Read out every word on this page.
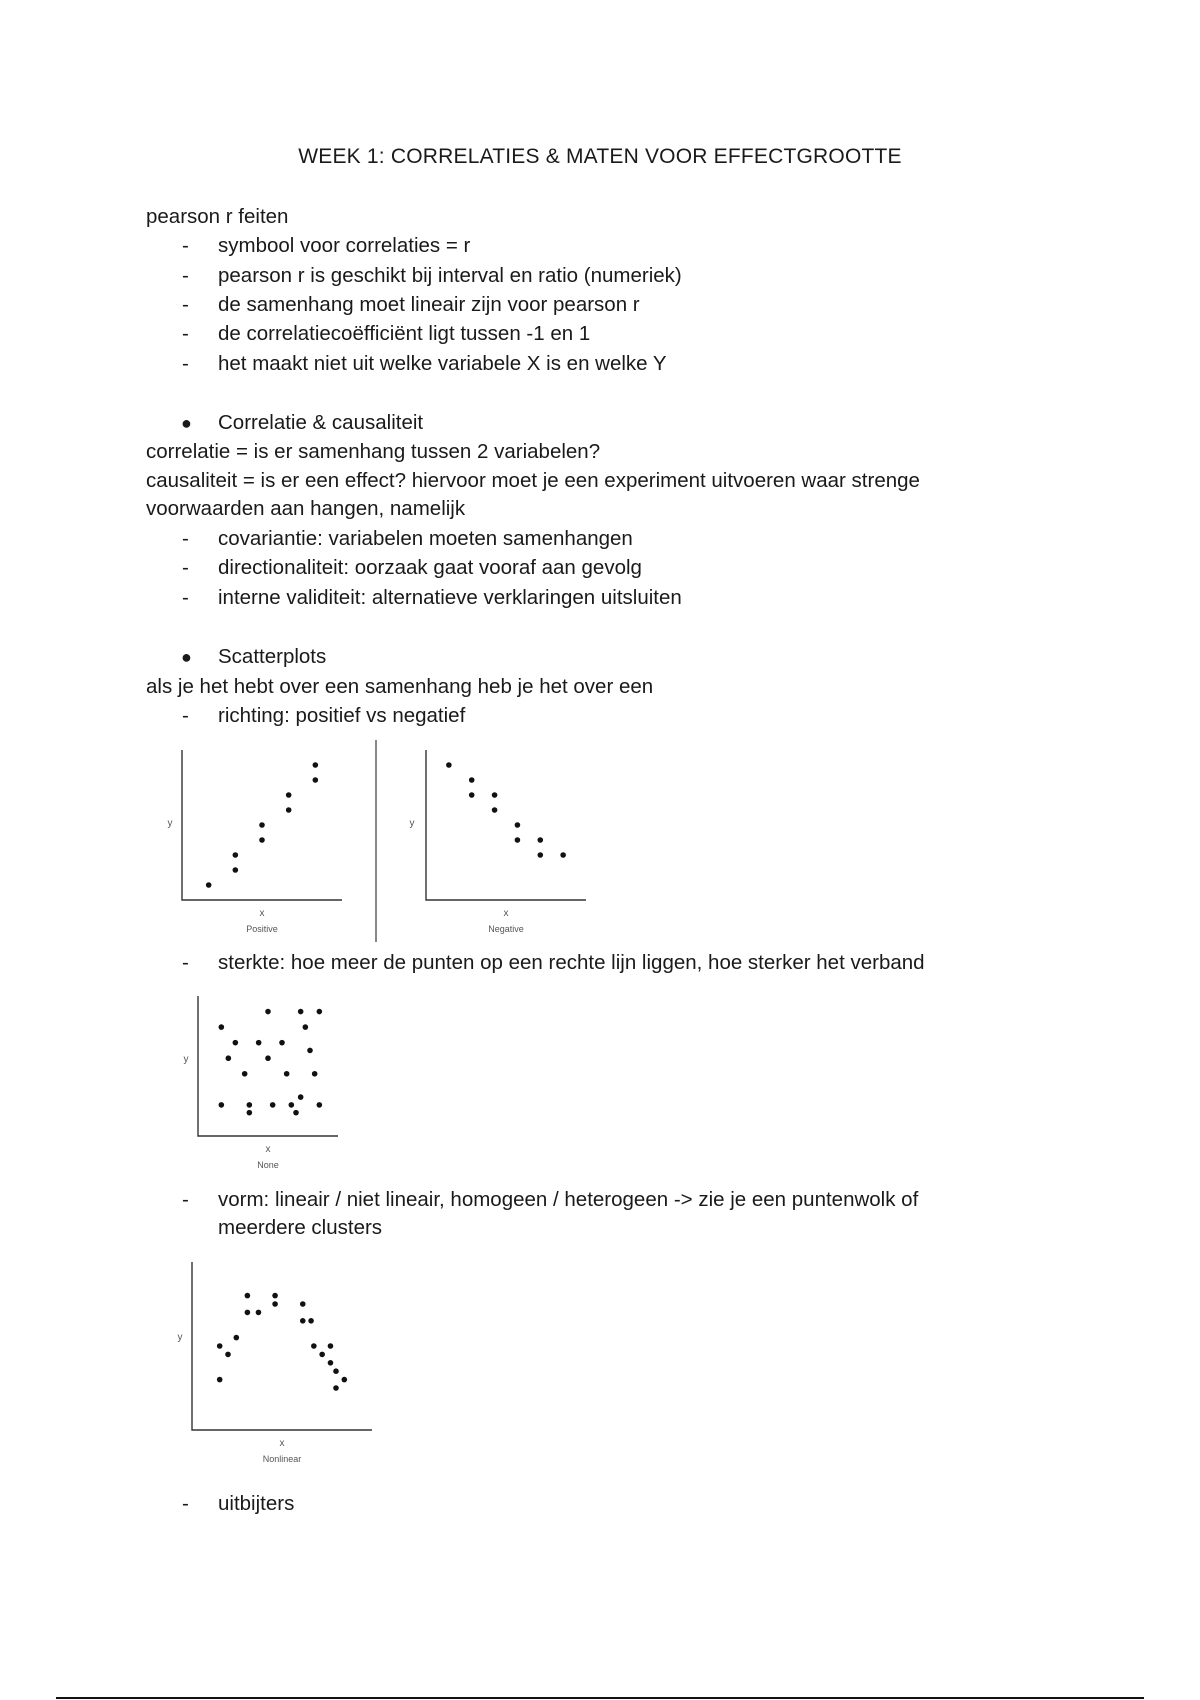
WEEK 1: CORRELATIES & MATEN VOOR EFFECTGROOTTE
pearson r feiten
- symbool voor correlaties = r
- pearson r is geschikt bij interval en ratio (numeriek)
- de samenhang moet lineair zijn voor pearson r
- de correlatiecoëfficiënt ligt tussen -1 en 1
- het maakt niet uit welke variabele X is en welke Y
● Correlatie & causaliteit
correlatie = is er samenhang tussen 2 variabelen?
causaliteit = is er een effect? hiervoor moet je een experiment uitvoeren waar strenge
voorwaarden aan hangen, namelijk
- covariantie: variabelen moeten samenhangen
- directionaliteit: oorzaak gaat vooraf aan gevolg
- interne validiteit: alternatieve verklaringen uitsluiten
● Scatterplots
als je het hebt over een samenhang heb je het over een
- richting: positief vs negatief
y
x
Positive
y
x
Negative
- sterkte: hoe meer de punten op een rechte lijn liggen, hoe sterker het verband
y
x
None
- vorm: lineair / niet lineair, homogeen / heterogeen -> zie je een puntenwolk of
meerdere clusters
y
x
Nonlinear
- uitbijters
